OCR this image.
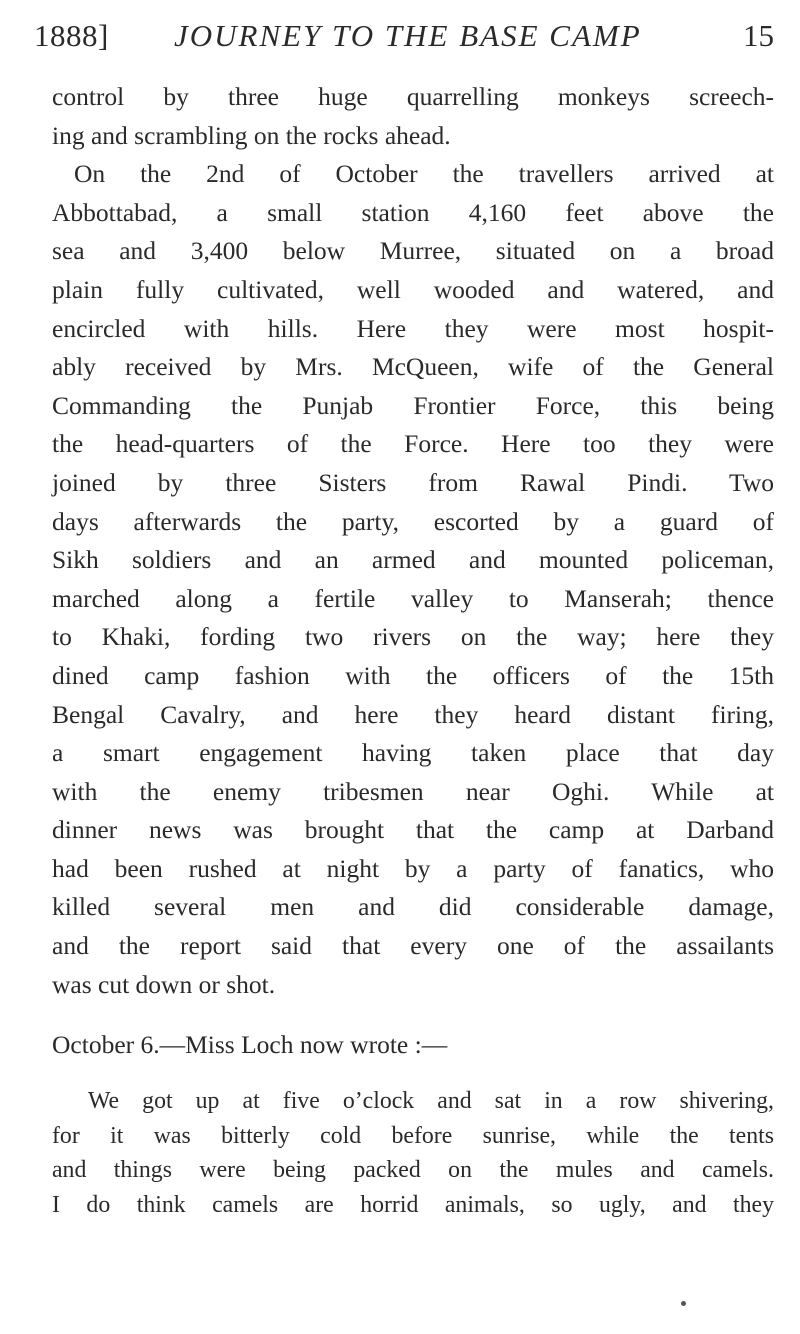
1888] JOURNEY TO THE BASE CAMP	15
control by three huge quarrelling monkeys screech-
ing and scrambling on the rocks ahead.
On the 2nd of October the travellers arrived at
Abbottabad, a small station 4,160 feet above the
sea and 3,400 below Murree, situated on a broad
plain fully cultivated, well wooded and watered, and
encircled with hills. Here they were most hospit-
ably received by Mrs. McQueen, wife of the General
Commanding the Punjab Frontier Force, this being
the head-quarters of the Force. Here too they were
joined by three Sisters from Rawal Pindi. Two
days afterwards the party, escorted by a guard of
Sikh soldiers and an armed and mounted policeman,
marched along a fertile valley to Manserah; thence
to Khaki, fording two rivers on the way; here they
dined camp fashion with the officers of the 15th
Bengal Cavalry, and here they heard distant firing,
a smart engagement having taken place that day
with the enemy tribesmen near Oghi. While at
dinner news was brought that the camp at Darband
had been rushed at night by a party of fanatics, who
killed several men and did considerable damage,
and the report said that every one of the assailants
was cut down or shot.
October 6.—Miss Loch now wrote :—
We got up at five o’clock and sat in a row shivering,
for it was bitterly cold before sunrise, while the tents
and things were being packed on the mules and camels.
I do think camels are horrid animals, so ugly, and they
